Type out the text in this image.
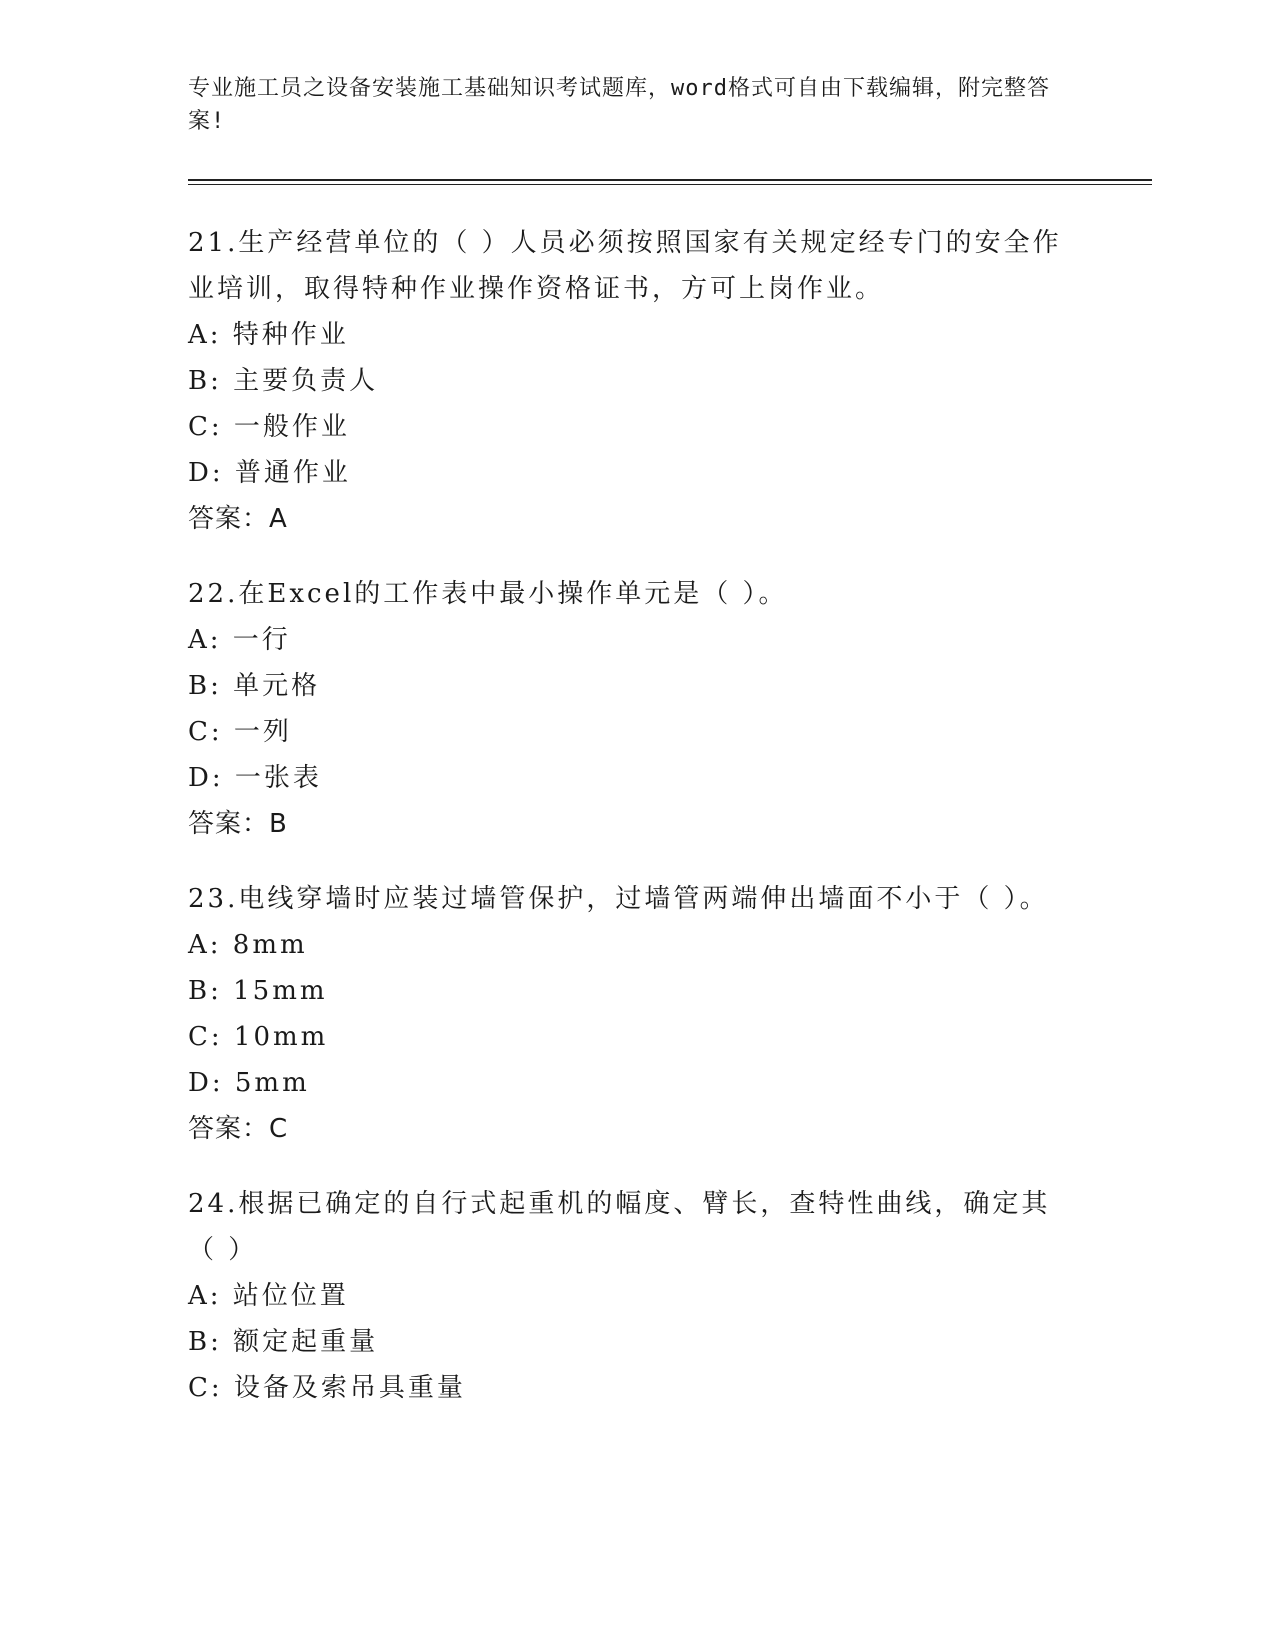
专业施工员之设备安装施工基础知识考试题库，word格式可自由下载编辑，附完整答案!
21.生产经营单位的（ ）人员必须按照国家有关规定经专门的安全作业培训，取得特种作业操作资格证书，方可上岗作业。
A: 特种作业
B: 主要负责人
C: 一般作业
D: 普通作业
答案：A
22.在Excel的工作表中最小操作单元是（ ）。
A: 一行
B: 单元格
C: 一列
D: 一张表
答案：B
23.电线穿墙时应装过墙管保护，过墙管两端伸出墙面不小于（ ）。
A: 8mm
B: 15mm
C: 10mm
D: 5mm
答案：C
24.根据已确定的自行式起重机的幅度、臂长，查特性曲线，确定其（ ）
A: 站位位置
B: 额定起重量
C: 设备及索吊具重量
